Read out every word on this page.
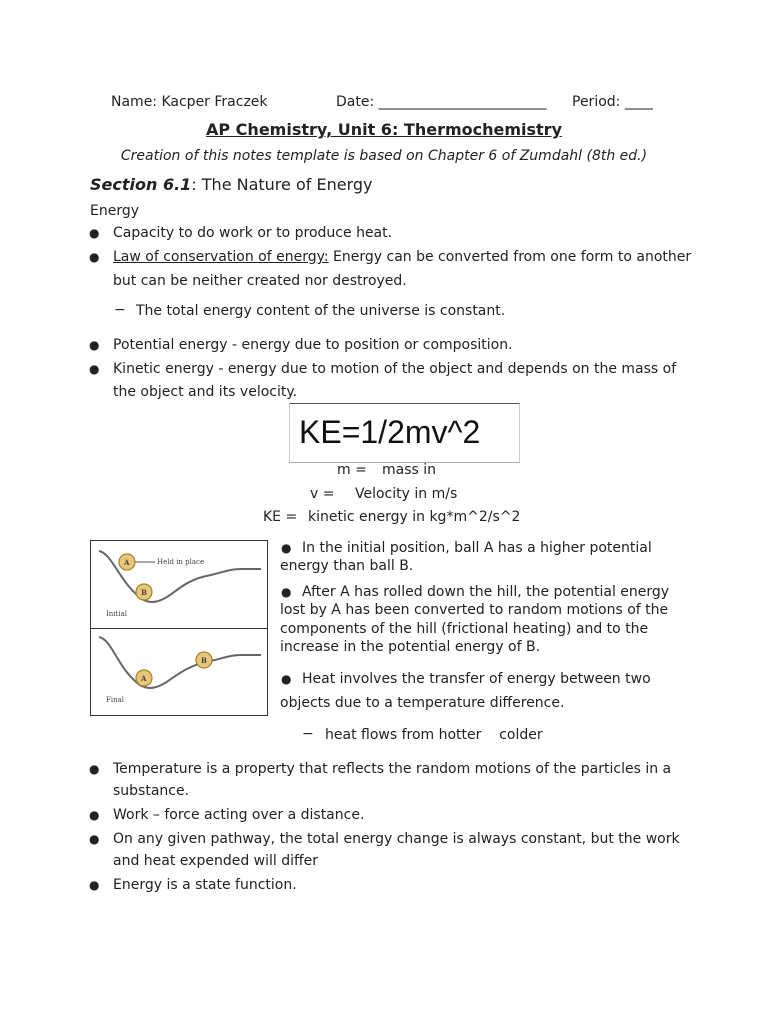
Name: Kacper Fraczek	Date: ________________________ Period: ____
AP Chemistry, Unit 6: Thermochemistry
Creation of this notes template is based on Chapter 6 of Zumdahl (8th ed.)
Section 6.1: The Nature of Energy
Energy
● Capacity to do work or to produce heat.
● Law of conservation of energy: Energy can be converted from one form to another
but can be neither created nor destroyed.
− The total energy content of the universe is constant.
● Potential energy - energy due to position or composition.
● Kinetic energy - energy due to motion of the object and depends on the mass of
the object and its velocity.
KE=1/2mv^2
m = mass in
v = Velocity in m/s
KE = kinetic energy in kg*m^2/s^2
A
B
A
B
Held in place
Initial
Final
● In the initial position, ball A has a higher potential
energy than ball B.
● After A has rolled down the hill, the potential energy
lost by A has been converted to random motions of the
components of the hill (frictional heating) and to the
increase in the potential energy of B.
● Heat involves the transfer of energy between two
objects due to a temperature difference.
− heat flows from hotter    colder
● Temperature is a property that reflects the random motions of the particles in a
substance.
● Work – force acting over a distance.
● On any given pathway, the total energy change is always constant, but the work
and heat expended will differ
● Energy is a state function.
